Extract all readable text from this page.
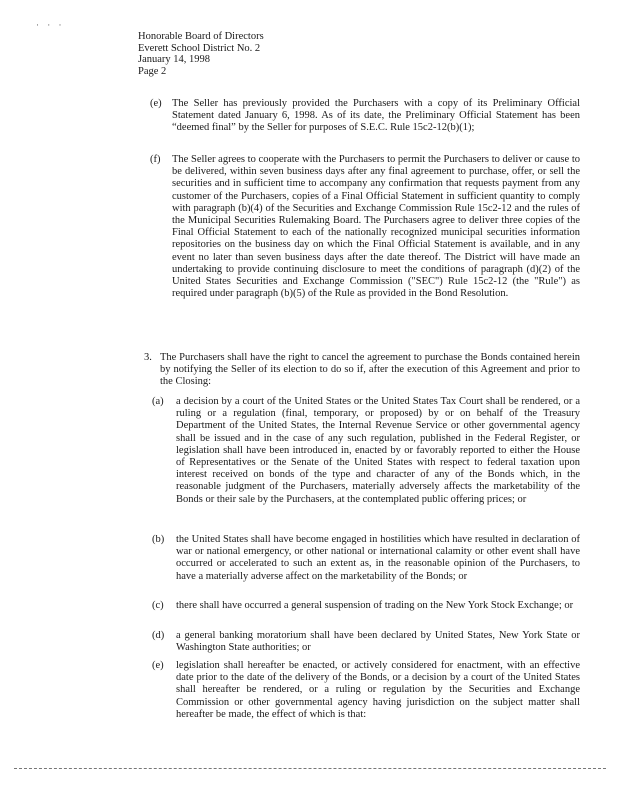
· · ·
Honorable Board of Directors
Everett School District No. 2
January 14, 1998
Page 2
(e) The Seller has previously provided the Purchasers with a copy of its Preliminary Official Statement dated January 6, 1998. As of its date, the Preliminary Official Statement has been “deemed final” by the Seller for purposes of S.E.C. Rule 15c2-12(b)(1);
(f) The Seller agrees to cooperate with the Purchasers to permit the Purchasers to deliver or cause to be delivered, within seven business days after any final agreement to purchase, offer, or sell the securities and in sufficient time to accompany any confirmation that requests payment from any customer of the Purchasers, copies of a Final Official Statement in sufficient quantity to comply with paragraph (b)(4) of the Securities and Exchange Commission Rule 15c2-12 and the rules of the Municipal Securities Rulemaking Board. The Purchasers agree to deliver three copies of the Final Official Statement to each of the nationally recognized municipal securities information repositories on the business day on which the Final Official Statement is available, and in any event no later than seven business days after the date thereof. The District will have made an undertaking to provide continuing disclosure to meet the conditions of paragraph (d)(2) of the United States Securities and Exchange Commission ("SEC") Rule 15c2-12 (the "Rule") as required under paragraph (b)(5) of the Rule as provided in the Bond Resolution.
3. The Purchasers shall have the right to cancel the agreement to purchase the Bonds contained herein by notifying the Seller of its election to do so if, after the execution of this Agreement and prior to the Closing:
(a) a decision by a court of the United States or the United States Tax Court shall be rendered, or a ruling or a regulation (final, temporary, or proposed) by or on behalf of the Treasury Department of the United States, the Internal Revenue Service or other governmental agency shall be issued and in the case of any such regulation, published in the Federal Register, or legislation shall have been introduced in, enacted by or favorably reported to either the House of Representatives or the Senate of the United States with respect to federal taxation upon interest received on bonds of the type and character of any of the Bonds which, in the reasonable judgment of the Purchasers, materially adversely affects the marketability of the Bonds or their sale by the Purchasers, at the contemplated public offering prices; or
(b) the United States shall have become engaged in hostilities which have resulted in declaration of war or national emergency, or other national or international calamity or other event shall have occurred or accelerated to such an extent as, in the reasonable opinion of the Purchasers, to have a materially adverse affect on the marketability of the Bonds; or
(c) there shall have occurred a general suspension of trading on the New York Stock Exchange; or
(d) a general banking moratorium shall have been declared by United States, New York State or Washington State authorities; or
(e) legislation shall hereafter be enacted, or actively considered for enactment, with an effective date prior to the date of the delivery of the Bonds, or a decision by a court of the United States shall hereafter be rendered, or a ruling or regulation by the Securities and Exchange Commission or other governmental agency having jurisdiction on the subject matter shall hereafter be made, the effect of which is that:
